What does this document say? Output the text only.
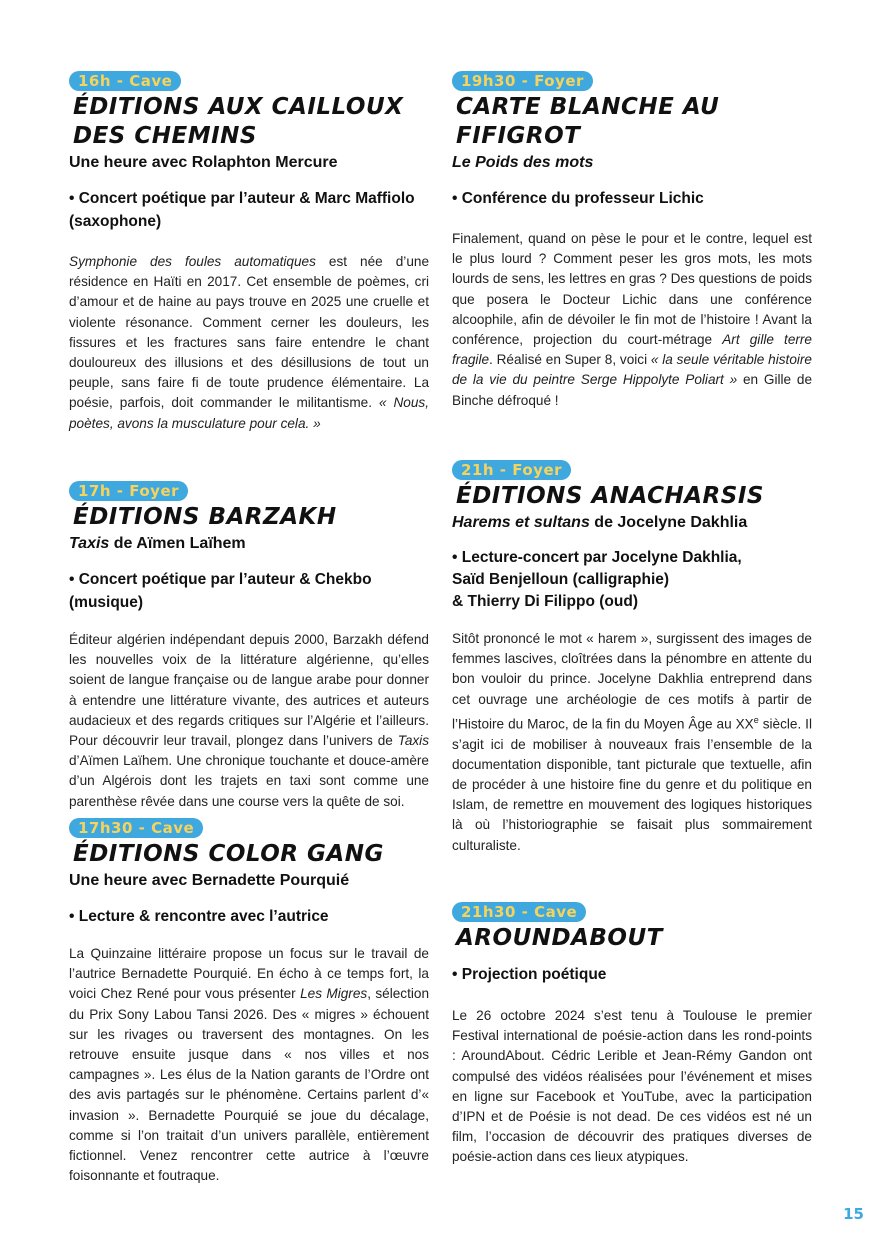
16h - Cave
ÉDITIONS AUX CAILLOUX
DES CHEMINS
Une heure avec Rolaphton Mercure
• Concert poétique par l’auteur & Marc Maffiolo
(saxophone)
Symphonie des foules automatiques est née d’une résidence en Haïti en 2017. Cet ensemble de poèmes, cri d’amour et de haine au pays trouve en 2025 une cruelle et violente résonance. Comment cerner les douleurs, les fissures et les fractures sans faire entendre le chant douloureux des illusions et des désillusions de tout un peuple, sans faire fi de toute prudence élémentaire. La poésie, parfois, doit commander le militantisme. « Nous, poètes, avons la musculature pour cela. »
17h - Foyer
ÉDITIONS BARZAKH
Taxis de Aïmen Laïhem
• Concert poétique par l’auteur & Chekbo (musique)
Éditeur algérien indépendant depuis 2000, Barzakh défend les nouvelles voix de la littérature algérienne, qu’elles soient de langue française ou de langue arabe pour donner à entendre une littérature vivante, des autrices et auteurs audacieux et des regards critiques sur l’Algérie et l’ailleurs. Pour découvrir leur travail, plongez dans l’univers de Taxis d’Aïmen Laïhem. Une chronique touchante et douce-amère d’un Algérois dont les trajets en taxi sont comme une parenthèse rêvée dans une course vers la quête de soi.
17h30 - Cave
ÉDITIONS COLOR GANG
Une heure avec Bernadette Pourquié
• Lecture & rencontre avec l’autrice
La Quinzaine littéraire propose un focus sur le travail de l’autrice Bernadette Pourquié. En écho à ce temps fort, la voici Chez René pour vous présenter Les Migres, sélection du Prix Sony Labou Tansi 2026. Des « migres » échouent sur les rivages ou traversent des montagnes. On les retrouve ensuite jusque dans « nos villes et nos campagnes ». Les élus de la Nation garants de l’Ordre ont des avis partagés sur le phénomène. Certains parlent d’« invasion ». Bernadette Pourquié se joue du décalage, comme si l’on traitait d’un univers parallèle, entièrement fictionnel. Venez rencontrer cette autrice à l’œuvre foisonnante et foutraque.
19h30 - Foyer
CARTE BLANCHE AU
FIFIGROT
Le Poids des mots
• Conférence du professeur Lichic
Finalement, quand on pèse le pour et le contre, lequel est le plus lourd ? Comment peser les gros mots, les mots lourds de sens, les lettres en gras ? Des questions de poids que posera le Docteur Lichic dans une conférence alcoophile, afin de dévoiler le fin mot de l’histoire ! Avant la conférence, projection du court-métrage Art gille terre fragile. Réalisé en Super 8, voici « la seule véritable histoire de la vie du peintre Serge Hippolyte Poliart » en Gille de Binche défroqué !
21h - Foyer
ÉDITIONS ANACHARSIS
Harems et sultans de Jocelyne Dakhlia
• Lecture-concert par Jocelyne Dakhlia,
Saïd Benjelloun (calligraphie)
& Thierry Di Filippo (oud)
Sitôt prononcé le mot « harem », surgissent des images de femmes lascives, cloîtrées dans la pénombre en attente du bon vouloir du prince. Jocelyne Dakhlia entreprend dans cet ouvrage une archéologie de ces motifs à partir de l’Histoire du Maroc, de la fin du Moyen Âge au XXe siècle. Il s’agit ici de mobiliser à nouveaux frais l’ensemble de la documentation disponible, tant picturale que textuelle, afin de procéder à une histoire fine du genre et du politique en Islam, de remettre en mouvement des logiques historiques là où l’historiographie se faisait plus sommairement culturaliste.
21h30 - Cave
AROUNDABOUT
• Projection poétique
Le 26 octobre 2024 s’est tenu à Toulouse le premier Festival international de poésie-action dans les rond-points : AroundAbout. Cédric Lerible et Jean-Rémy Gandon ont compulsé des vidéos réalisées pour l’événement et mises en ligne sur Facebook et YouTube, avec la participation d’IPN et de Poésie is not dead. De ces vidéos est né un film, l’occasion de découvrir des pratiques diverses de poésie-action dans ces lieux atypiques.
15
